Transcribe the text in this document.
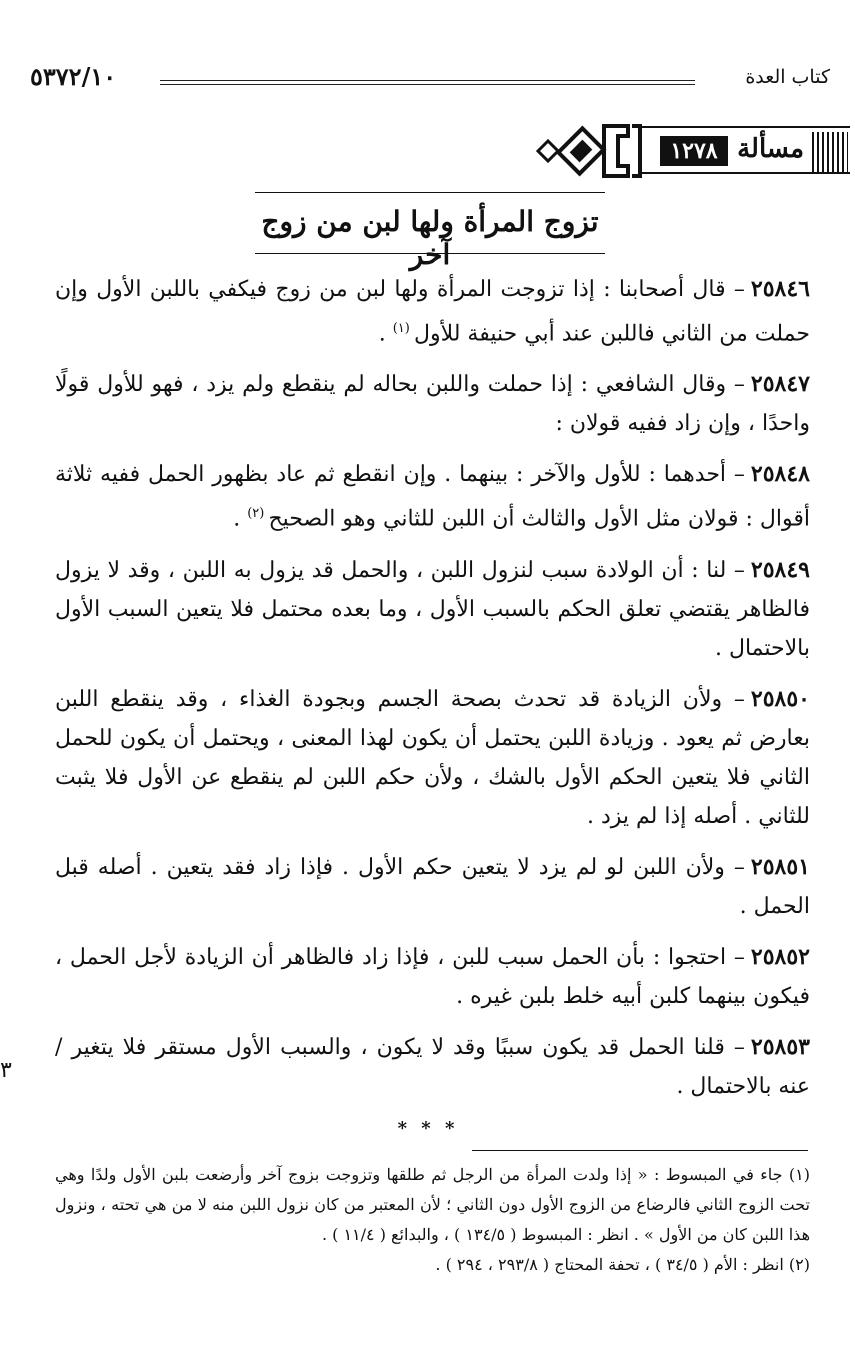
٥٣٧٢/١٠	كتاب العدة
مسألة
١٢٧٨
تزوج المرأة ولها لبن من زوج آخر

٢٥٨٤٦– قال أصحابنا : إذا تزوجت المرأة ولها لبن من زوج فيكفي باللبن الأول وإن حملت من الثاني فاللبن عند أبي حنيفة للأول $^{(١)}$ .

٢٥٨٤٧– وقال الشافعي : إذا حملت واللبن بحاله لم ينقطع ولم يزد ، فهو للأول قولًا واحدًا ، وإن زاد ففيه قولان :

٢٥٨٤٨– أحدهما : للأول والآخر : بينهما . وإن انقطع ثم عاد بظهور الحمل ففيه ثلاثة أقوال : قولان مثل الأول والثالث أن اللبن للثاني وهو الصحيح $^{(٢)}$ .

٢٥٨٤٩– لنا : أن الولادة سبب لنزول اللبن ، والحمل قد يزول به اللبن ، وقد لا يزول فالظاهر يقتضي تعلق الحكم بالسبب الأول ، وما بعده محتمل فلا يتعين السبب الأول بالاحتمال .

٢٥٨٥٠– ولأن الزيادة قد تحدث بصحة الجسم وبجودة الغذاء ، وقد ينقطع اللبن بعارض ثم يعود . وزيادة اللبن يحتمل أن يكون لهذا المعنى ، ويحتمل أن يكون للحمل الثاني فلا يتعين الحكم الأول بالشك ، ولأن حكم اللبن لم ينقطع عن الأول فلا يثبت للثاني . أصله إذا لم يزد .

٢٥٨٥١– ولأن اللبن لو لم يزد لا يتعين حكم الأول . فإذا زاد فقد يتعين . أصله قبل الحمل .

٢٥٨٥٢– احتجوا : بأن الحمل سبب للبن ، فإذا زاد فالظاهر أن الزيادة لأجل الحمل ، فيكون بينهما كلبن أبيه خلط بلبن غيره .

٢٥٨٥٣– قلنا الحمل قد يكون سببًا وقد لا يكون ، والسبب الأول مستقر فلا يتغير / عنه بالاحتمال .

٣
* * *

(١) جاء في المبسوط : « إذا ولدت المرأة من الرجل ثم طلقها وتزوجت بزوج آخر وأرضعت بلبن الأول ولدًا وهي تحت الزوج الثاني فالرضاع من الزوج الأول دون الثاني ؛ لأن المعتبر من كان نزول اللبن منه لا من هي تحته ، ونزول هذا اللبن كان من الأول » . انظر : المبسوط ( ١٣٤/٥ ) ، والبدائع ( ١١/٤ ) .

(٢) انظر : الأم ( ٣٤/٥ ) ، تحفة المحتاج ( ٢٩٣/٨ ، ٢٩٤ ) .
